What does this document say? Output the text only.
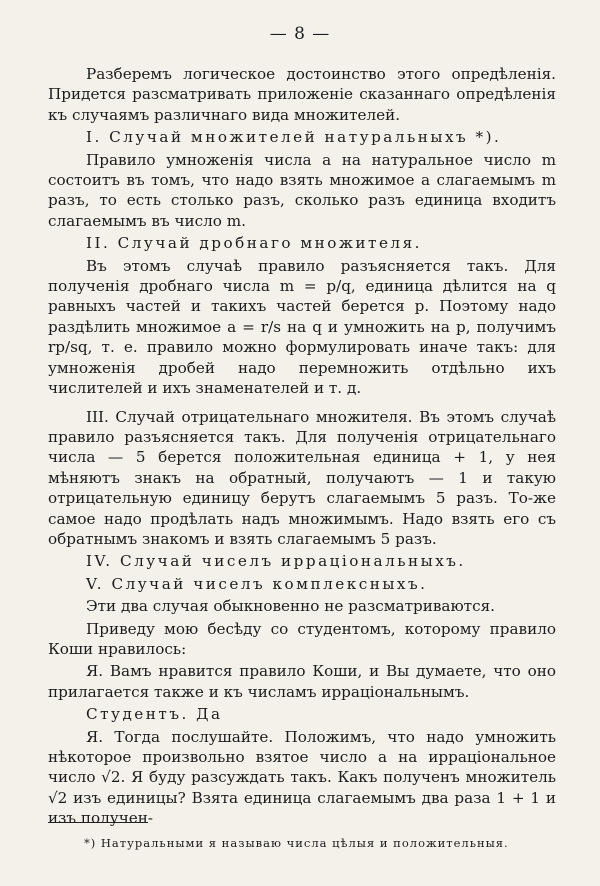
— 8 —

Разберемъ логическое достоинство этого опредѣленія. Придется разсматривать приложеніе сказаннаго опредѣленія къ случаямъ различнаго вида множителей.

I. Случай множителей натуральныхъ *).

Правило умноженія числа a на натуральное число m состоитъ въ томъ, что надо взять множимое a слагаемымъ m разъ, то есть столько разъ, сколько разъ единица входитъ слагаемымъ въ число m.

II. Случай дробнаго множителя.

Въ этомъ случаѣ правило разъясняется такъ. Для полученія дробнаго числа m = p/q, единица дѣлится на q равныхъ частей и такихъ частей берется p. Поэтому надо раздѣлить множимое a = r/s на q и умножить на p, получимъ rp/sq, т. е. правило можно формулировать иначе такъ: для умноженія дробей надо перемножить отдѣльно ихъ числителей и ихъ знаменателей и т. д.

III. Случай отрицательнаго множителя. Въ этомъ случаѣ правило разъясняется такъ. Для полученія отрицательнаго числа — 5 берется положительная единица + 1, у нея мѣняютъ знакъ на обратный, получаютъ — 1 и такую отрицательную единицу берутъ слагаемымъ 5 разъ. То-же самое надо продѣлать надъ множимымъ. Надо взять его съ обратнымъ знакомъ и взять слагаемымъ 5 разъ.

IV. Случай чиселъ ирраціональныхъ.

V. Случай чиселъ комплексныхъ.

Эти два случая обыкновенно не разсматриваются.

Приведу мою бесѣду со студентомъ, которому правило Коши нравилось:

Я. Вамъ нравится правило Коши, и Вы думаете, что оно прилагается также и къ числамъ ирраціональнымъ.

Студентъ. Да

Я. Тогда послушайте. Положимъ, что надо умножить нѣкоторое произвольно взятое число a на ирраціональное число √2. Я буду разсуждать такъ. Какъ полученъ множитель √2 изъ единицы? Взята единица слагаемымъ два раза 1 + 1 и изъ получен-

*) Натуральными я называю числа цѣлыя и положительныя.
